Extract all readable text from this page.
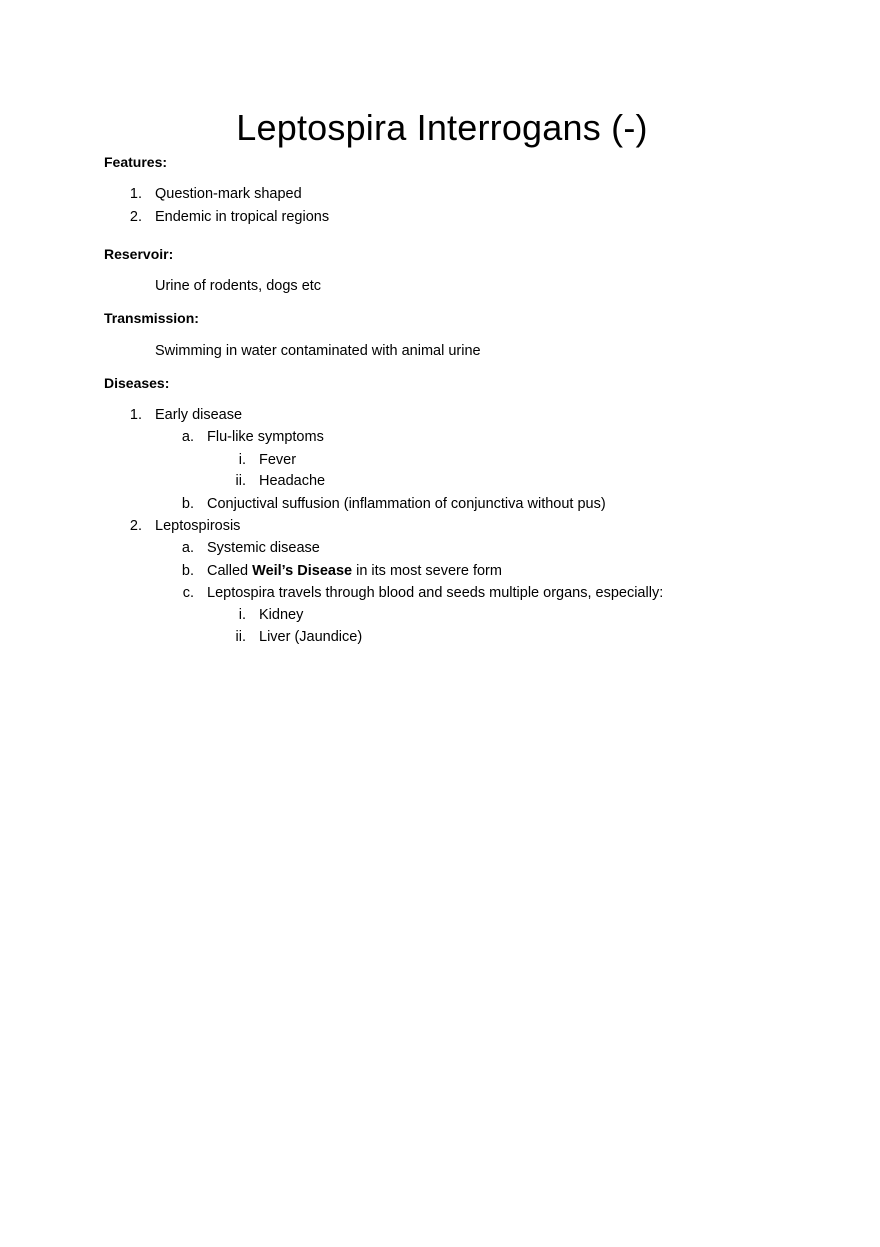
Leptospira Interrogans (-)
Features:
1. Question-mark shaped
2. Endemic in tropical regions
Reservoir:
Urine of rodents, dogs etc
Transmission:
Swimming in water contaminated with animal urine
Diseases:
1. Early disease
a. Flu-like symptoms
i. Fever
ii. Headache
b. Conjuctival suffusion (inflammation of conjunctiva without pus)
2. Leptospirosis
a. Systemic disease
b. Called Weil’s Disease in its most severe form
c. Leptospira travels through blood and seeds multiple organs, especially:
i. Kidney
ii. Liver (Jaundice)
